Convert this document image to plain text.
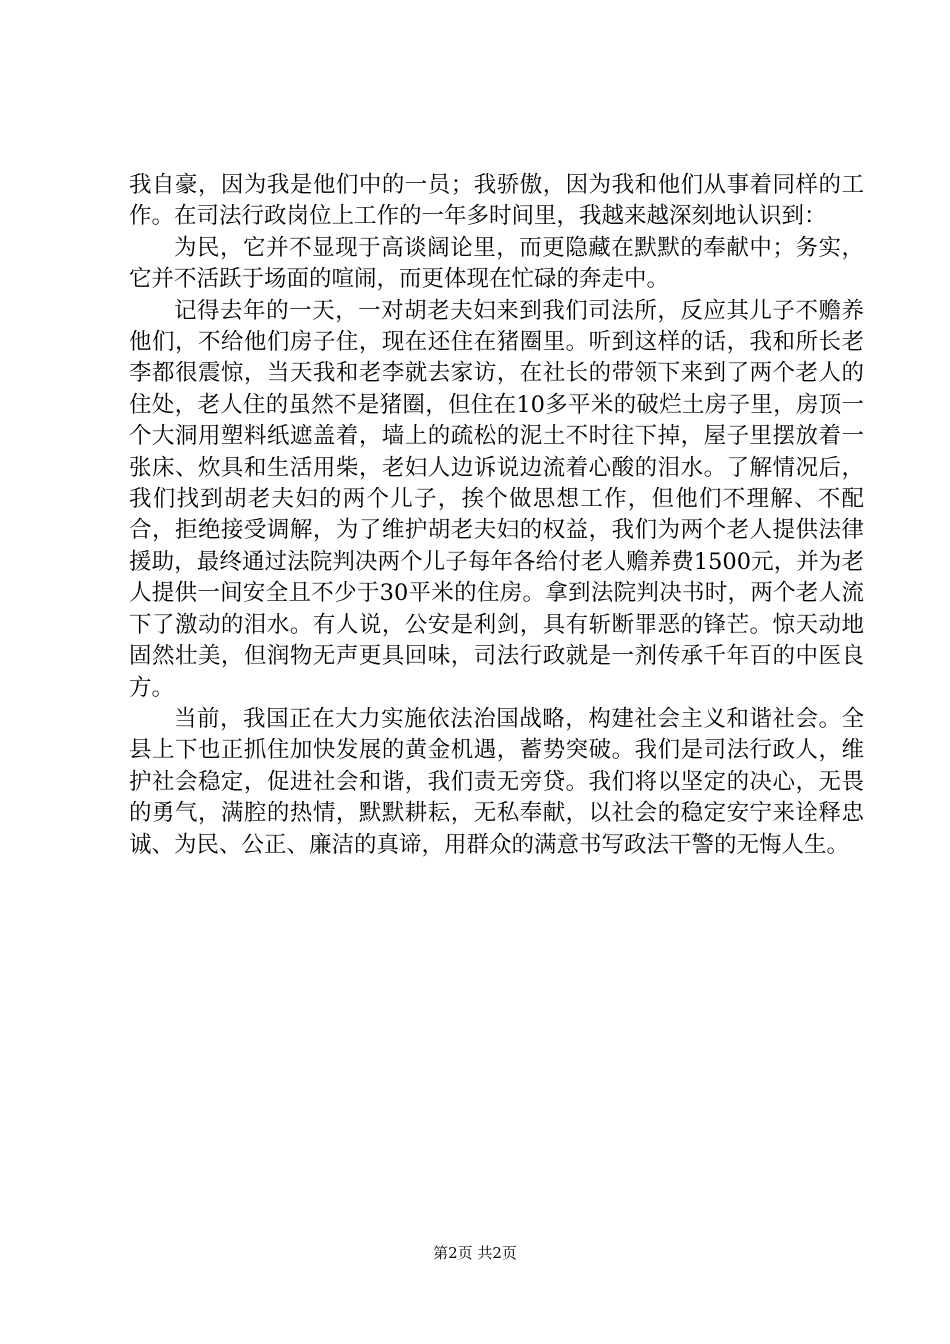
我自豪，因为我是他们中的一员；我骄傲，因为我和他们从事着同样的工作。在司法行政岗位上工作的一年多时间里，我越来越深刻地认识到：

为民，它并不显现于高谈阔论里，而更隐藏在默默的奉献中；务实，它并不活跃于场面的喧闹，而更体现在忙碌的奔走中。

记得去年的一天，一对胡老夫妇来到我们司法所，反应其儿子不赡养他们，不给他们房子住，现在还住在猪圈里。听到这样的话，我和所长老李都很震惊，当天我和老李就去家访，在社长的带领下来到了两个老人的住处，老人住的虽然不是猪圈，但住在10多平米的破烂土房子里，房顶一个大洞用塑料纸遮盖着，墙上的疏松的泥土不时往下掉，屋子里摆放着一张床、炊具和生活用柴，老妇人边诉说边流着心酸的泪水。了解情况后，我们找到胡老夫妇的两个儿子，挨个做思想工作，但他们不理解、不配合，拒绝接受调解，为了维护胡老夫妇的权益，我们为两个老人提供法律援助，最终通过法院判决两个儿子每年各给付老人赡养费1500元，并为老人提供一间安全且不少于30平米的住房。拿到法院判决书时，两个老人流下了激动的泪水。有人说，公安是利剑，具有斩断罪恶的锋芒。惊天动地固然壮美，但润物无声更具回味，司法行政就是一剂传承千年百的中医良方。

当前，我国正在大力实施依法治国战略，构建社会主义和谐社会。全县上下也正抓住加快发展的黄金机遇，蓄势突破。我们是司法行政人，维护社会稳定，促进社会和谐，我们责无旁贷。我们将以坚定的决心，无畏的勇气，满腔的热情，默默耕耘，无私奉献，以社会的稳定安宁来诠释忠诚、为民、公正、廉洁的真谛，用群众的满意书写政法干警的无悔人生。

第2页 共2页
